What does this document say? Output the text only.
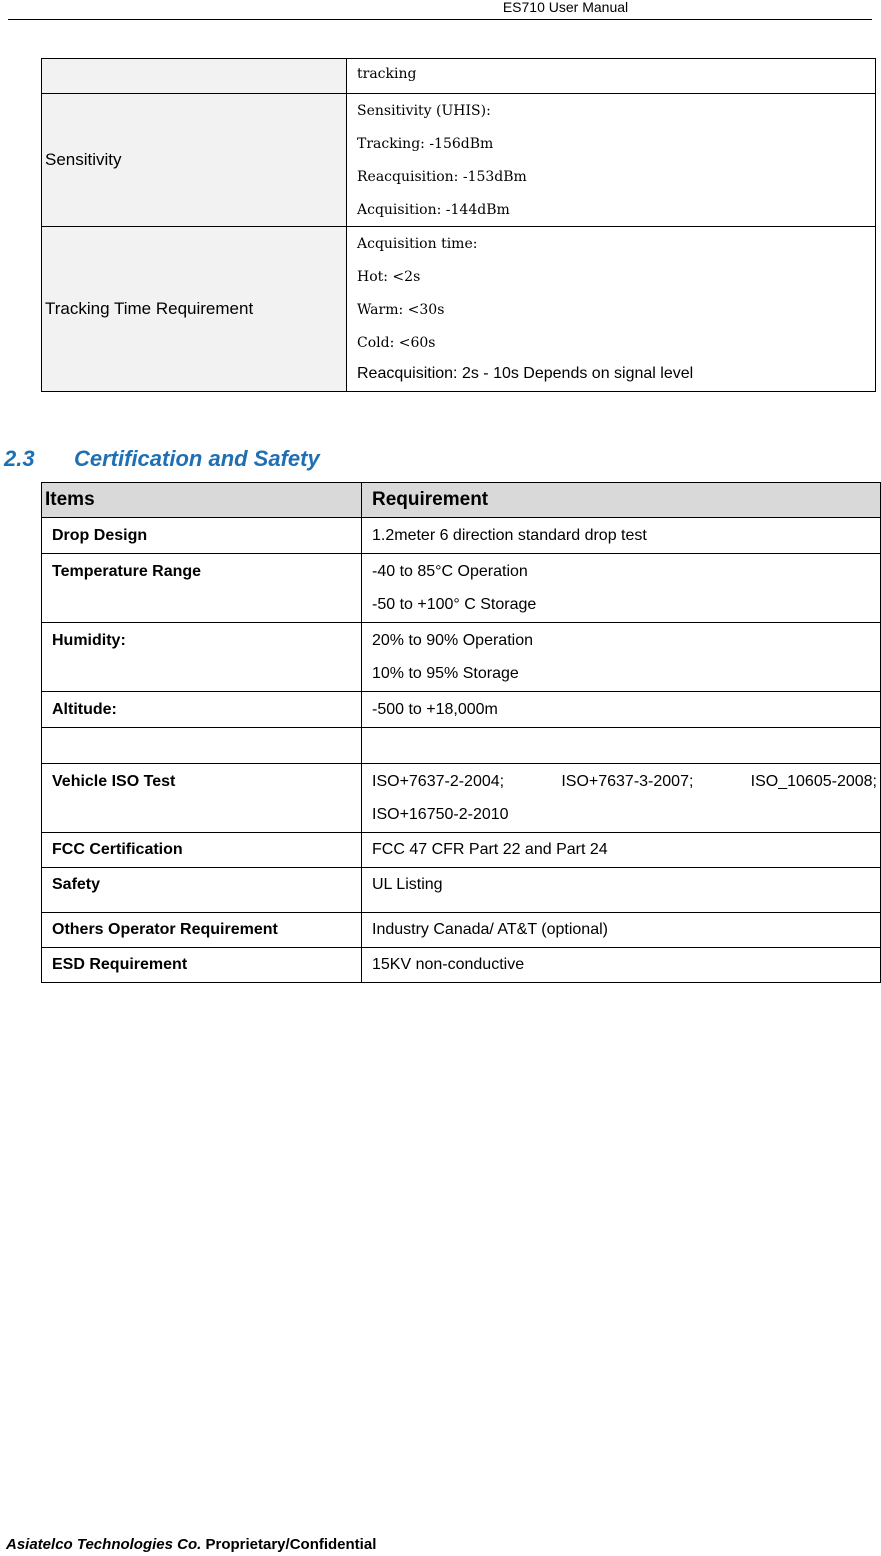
ES710 User Manual

	tracking

Sensitivity	Sensitivity (UHIS):
Tracking: -156dBm
Reacquisition: -153dBm
Acquisition: -144dBm

Tracking Time Requirement	Acquisition time:
Hot: <2s
Warm: <30s
Cold: <60s
Reacquisition: 2s - 10s Depends on signal level
2.3 Certification and Safety
Items	Requirement

Drop Design	1.2meter 6 direction standard drop test

Temperature Range	-40 to 85°C Operation
-50 to +100° C Storage

Humidity:	20% to 90% Operation
10% to 95% Storage

Altitude:	-500 to +18,000m

Vehicle ISO Test	ISO+7637-2-2004; ISO+7637-3-2007; ISO_10605-2008;
ISO+16750-2-2010

FCC Certification	FCC 47 CFR Part 22 and Part 24

Safety	UL Listing

Others Operator Requirement	Industry Canada/ AT&T (optional)

ESD Requirement	15KV non-conductive
Asiatelco Technologies Co. Proprietary/Confidential
